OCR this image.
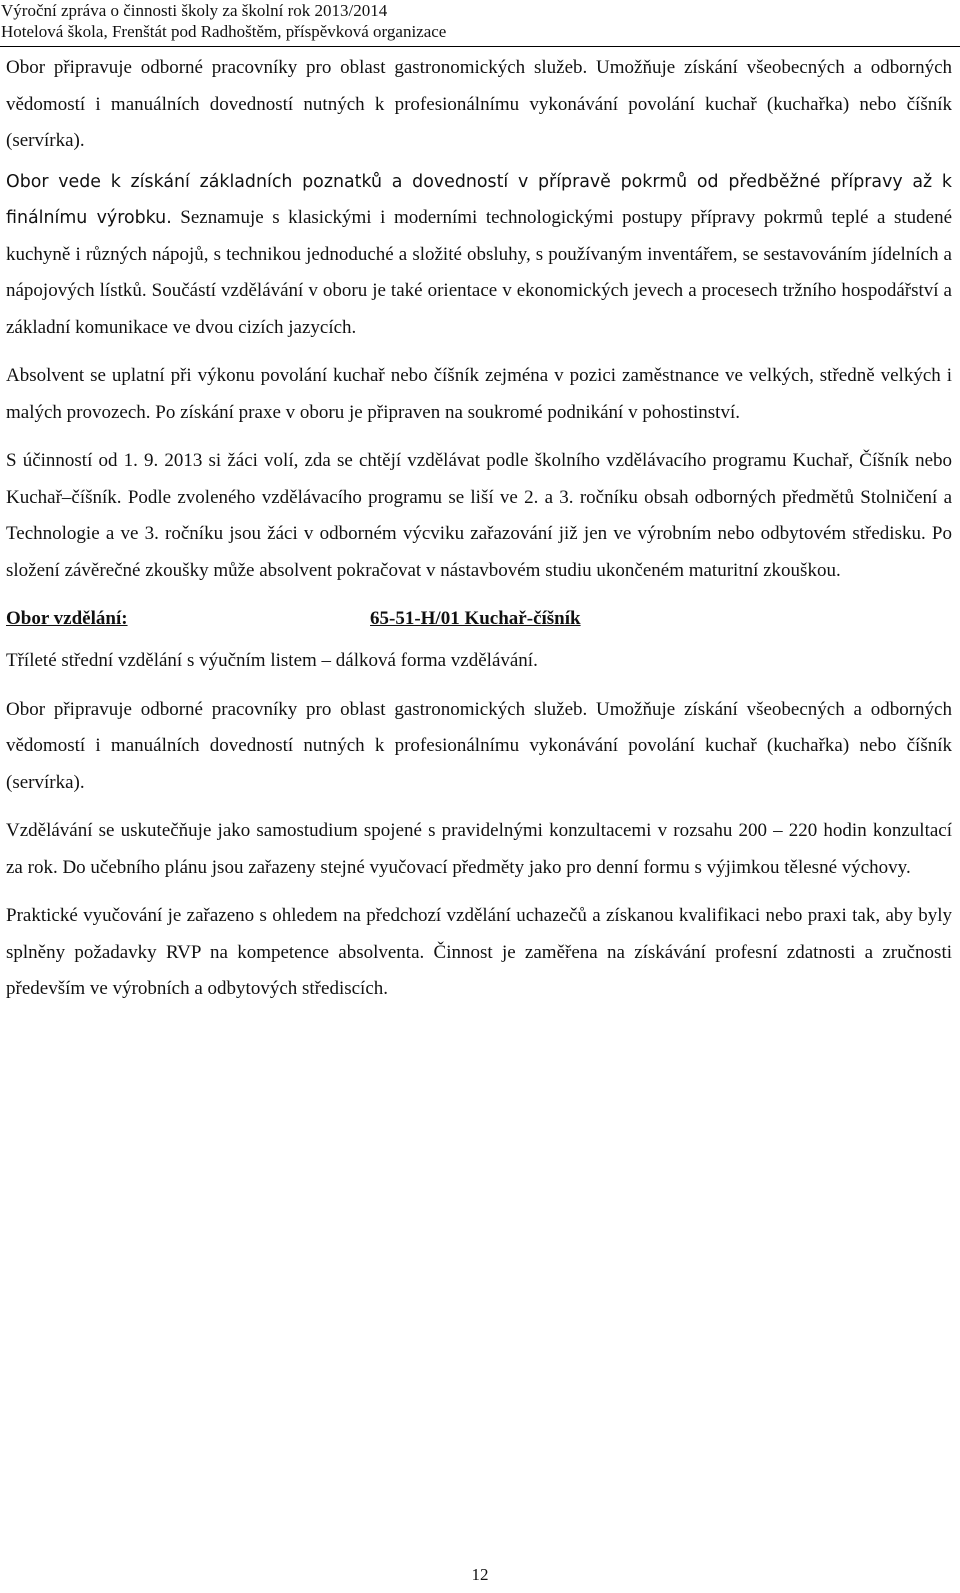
Výroční zpráva o činnosti školy za školní rok 2013/2014
Hotelová škola, Frenštát pod Radhoštěm, příspěvková organizace

Obor připravuje odborné pracovníky pro oblast gastronomických služeb. Umožňuje získání všeobecných a odborných vědomostí i manuálních dovedností nutných k profesionálnímu vykonávání povolání kuchař (kuchařka) nebo číšník (servírka).

Obor vede k získání základních poznatků a dovedností v přípravě pokrmů od předběžné přípravy až k finálnímu výrobku. Seznamuje s klasickými i moderními technologickými postupy přípravy pokrmů teplé a studené kuchyně i různých nápojů, s technikou jednoduché a složité obsluhy, s používaným inventářem, se sestavováním jídelních a nápojových lístků. Součástí vzdělávání v oboru je také orientace v ekonomických jevech a procesech tržního hospodářství a základní komunikace ve dvou cizích jazycích.

Absolvent se uplatní při výkonu povolání kuchař nebo číšník zejména v pozici zaměstnance ve velkých, středně velkých i malých provozech. Po získání praxe v oboru je připraven na soukromé podnikání v pohostinství.

S účinností od 1. 9. 2013 si žáci volí, zda se chtějí vzdělávat podle školního vzdělávacího programu Kuchař, Číšník nebo Kuchař–číšník. Podle zvoleného vzdělávacího programu se liší ve 2. a 3. ročníku obsah odborných předmětů Stolničení a Technologie a ve 3. ročníku jsou žáci v odborném výcviku zařazování již jen ve výrobním nebo odbytovém středisku. Po složení závěrečné zkoušky může absolvent pokračovat v nástavbovém studiu ukončeném maturitní zkouškou.

Obor vzdělání:	65-51-H/01 Kuchař-číšník

Tříleté střední vzdělání s výučním listem – dálková forma vzdělávání.

Obor připravuje odborné pracovníky pro oblast gastronomických služeb. Umožňuje získání všeobecných a odborných vědomostí i manuálních dovedností nutných k profesionálnímu vykonávání povolání kuchař (kuchařka) nebo číšník (servírka).

Vzdělávání se uskutečňuje jako samostudium spojené s pravidelnými konzultacemi v rozsahu 200 – 220 hodin konzultací za rok. Do učebního plánu jsou zařazeny stejné vyučovací předměty jako pro denní formu s výjimkou tělesné výchovy.

Praktické vyučování je zařazeno s ohledem na předchozí vzdělání uchazečů a získanou kvalifikaci nebo praxi tak, aby byly splněny požadavky RVP na kompetence absolventa. Činnost je zaměřena na získávání profesní zdatnosti a zručnosti především ve výrobních a odbytových střediscích.

12
